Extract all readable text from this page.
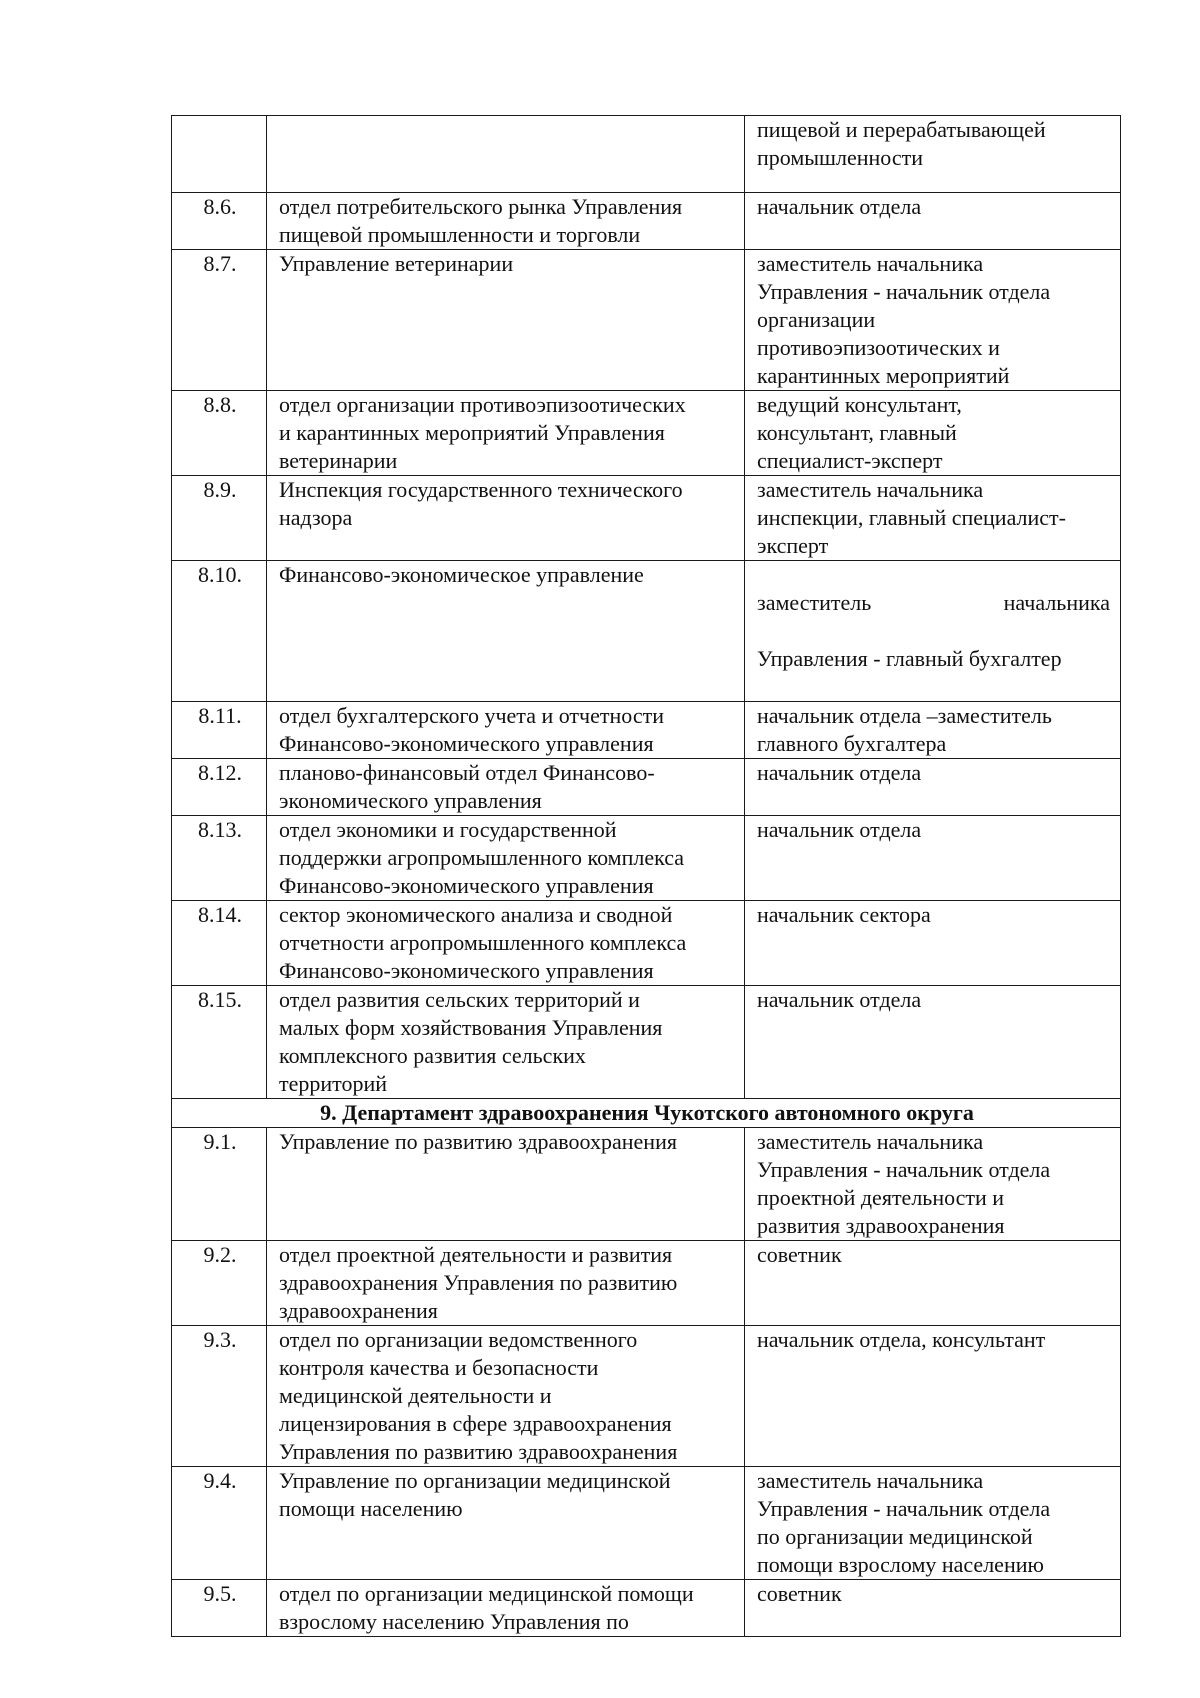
		пищевой и перерабатывающей
промышленности
8.6.	отдел потребительского рынка Управления
пищевой промышленности и торговли	начальник отдела
8.7.	Управление ветеринарии	заместитель начальника
Управления - начальник отдела
организации
противоэпизоотических и
карантинных мероприятий
8.8.	отдел организации противоэпизоотических
и карантинных мероприятий Управления
ветеринарии	ведущий консультант,
консультант, главный
специалист-эксперт
8.9.	Инспекция государственного технического
надзора	заместитель начальника
инспекции, главный специалист-
эксперт
8.10.	Финансово-экономическое управление	заместитель начальника

Управления - главный бухгалтер

8.11.	отдел бухгалтерского учета и отчетности
Финансово-экономического управления	начальник отдела –заместитель
главного бухгалтера
8.12.	планово-финансовый отдел Финансово-
экономического управления	начальник отдела
8.13.	отдел экономики и государственной
поддержки агропромышленного комплекса
Финансово-экономического управления	начальник отдела
8.14.	сектор экономического анализа и сводной
отчетности агропромышленного комплекса
Финансово-экономического управления	начальник сектора
8.15.	отдел развития сельских территорий и
малых форм хозяйствования Управления
комплексного развития сельских
территорий	начальник отдела
9. Департамент здравоохранения Чукотского автономного округа		
9.1.	Управление по развитию здравоохранения	заместитель начальника
Управления - начальник отдела
проектной деятельности и
развития здравоохранения
9.2.	отдел проектной деятельности и развития
здравоохранения Управления по развитию
здравоохранения	советник
9.3.	отдел по организации ведомственного
контроля качества и безопасности
медицинской деятельности и
лицензирования в сфере здравоохранения
Управления по развитию здравоохранения	начальник отдела, консультант
9.4.	Управление по организации медицинской
помощи населению	заместитель начальника
Управления - начальник отдела
по организации медицинской
помощи взрослому населению
9.5.	отдел по организации медицинской помощи
взрослому населению Управления по	советник
